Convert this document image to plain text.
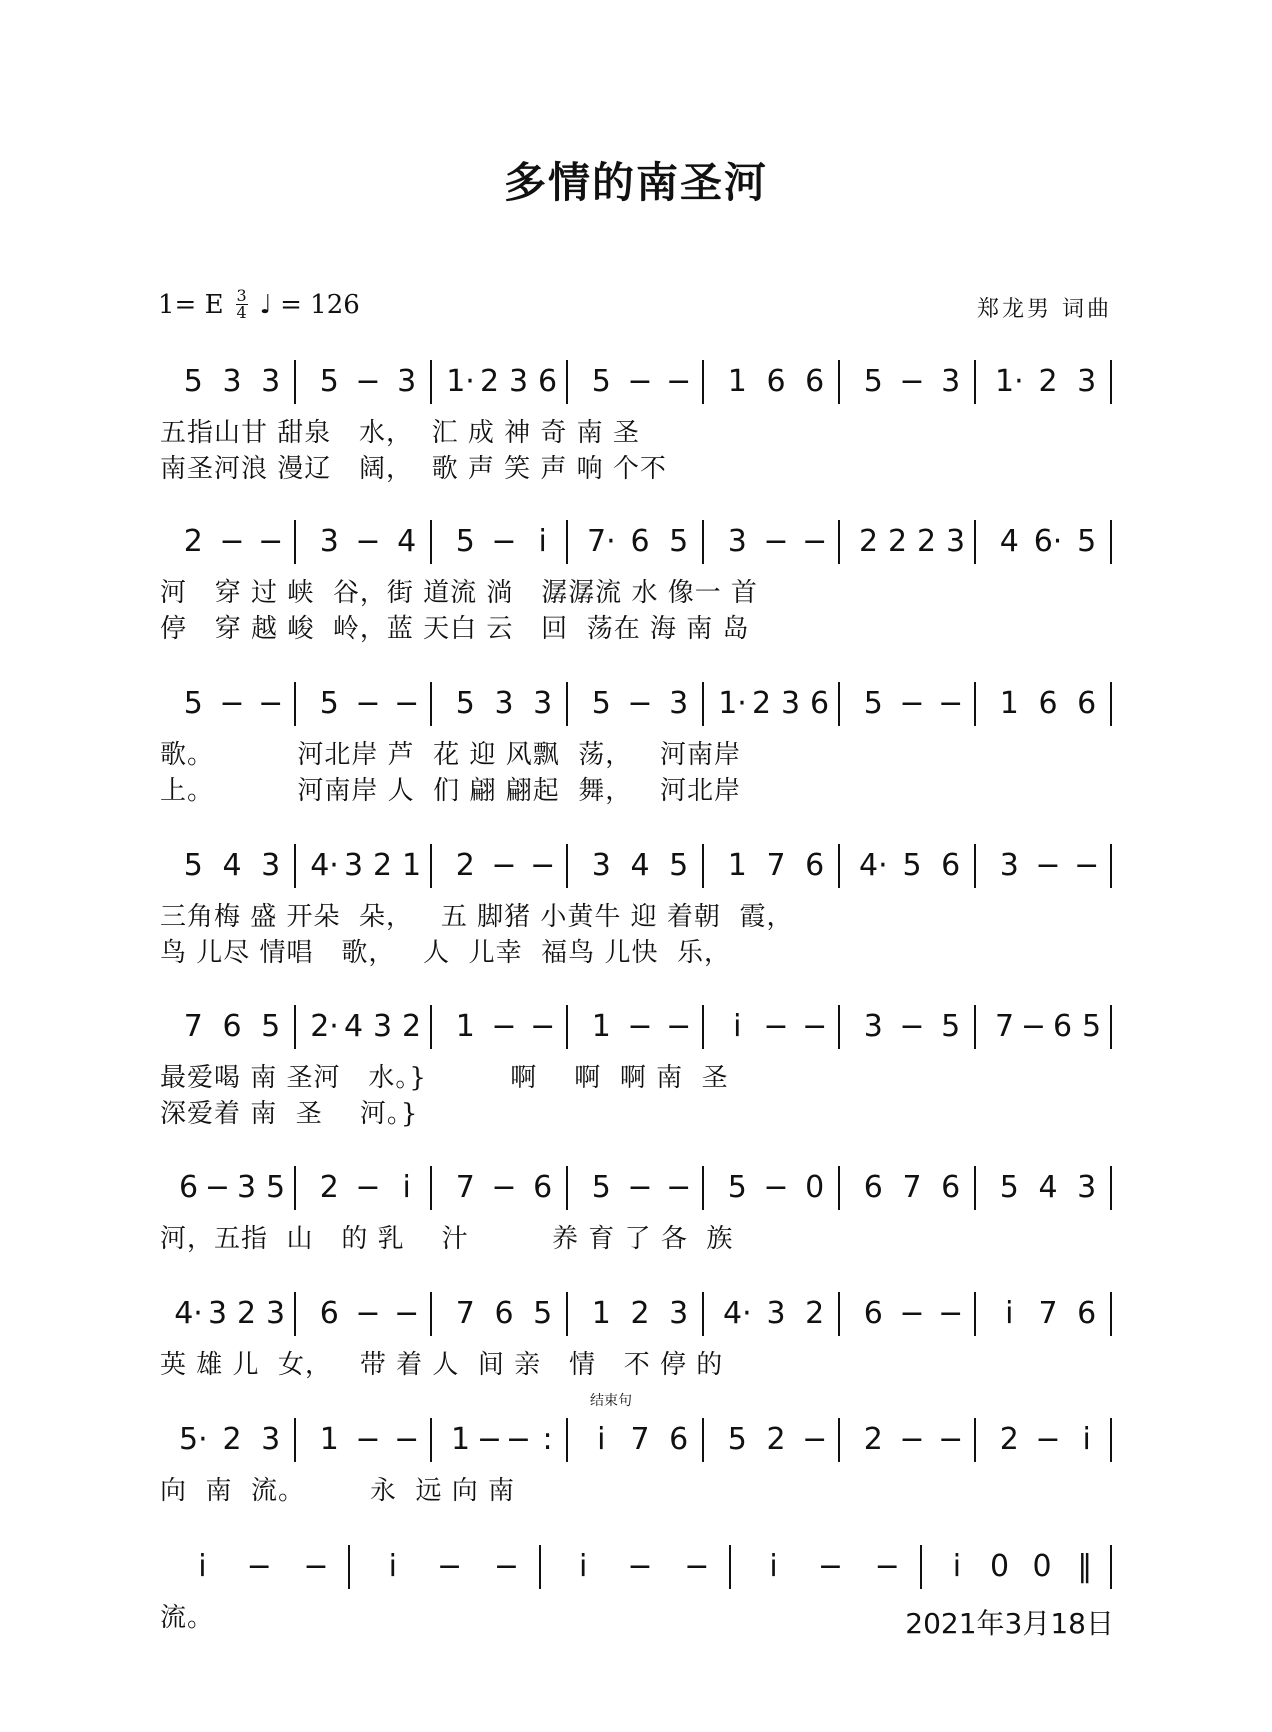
多情的南圣河
1= E $\frac{3}{4}$ ♩ = 126	郑龙男 词曲
5 3 3 5 − 3 1· 2 3 6 5 − − 1 6 6 5 − 3 1· 2 3
五指山甘 甜泉   水，  汇 成 神 奇 南 圣
南圣河浪 漫辽   阔，  歌 声 笑 声 响 个不
2 − − 3 − 4 5 − i 7· 6 5 3 − − 2 2 2 3 4 6· 5
河   穿 过 峡  谷，街 道流 淌   潺潺流 水 像一 首
停   穿 越 峻  岭，蓝 天白 云   回  荡在 海 南 岛
5 − − 5 − − 5 3 3 5 − 3 1· 2 3 6 5 − − 1 6 6
歌。         河北岸 芦  花 迎 风飘  荡，   河南岸
上。         河南岸 人  们 翩 翩起  舞，   河北岸
5 4 3 4· 3 2 1 2 − − 3 4 5 1 7 6 4· 5 6 3 − −
三角梅 盛 开朵  朵，   五 脚猪 小黄牛 迎 着朝  霞，
鸟 儿尽 情唱   歌，   人  儿幸  福鸟 儿快  乐，
7 6 5 2· 4 3 2 1 − − 1 − − i − − 3 − 5 7 − 6 5
最爱喝 南 圣河   水。}         啊    啊  啊 南  圣
深爱着 南  圣    河。}
6 − 3 5 2 − i 7 − 6 5 − − 5 − 0 6 7 6 5 4 3
河，五指  山   的 乳    汁         养 育 了 各  族
4· 3 2 3 6 − − 7 6 5 1 2 3 4· 3 2 6 − − i 7 6
英 雄 儿  女，   带 着 人  间 亲   情   不 停 的
5· 2 3 1 − − 1 − − : i 7 6 5 2 − 2 − − 2 − i
向  南  流。       永  远 向 南
i − − i − − i − − i − − i 0 0 ‖
流。	2021年3月18日
结束句
